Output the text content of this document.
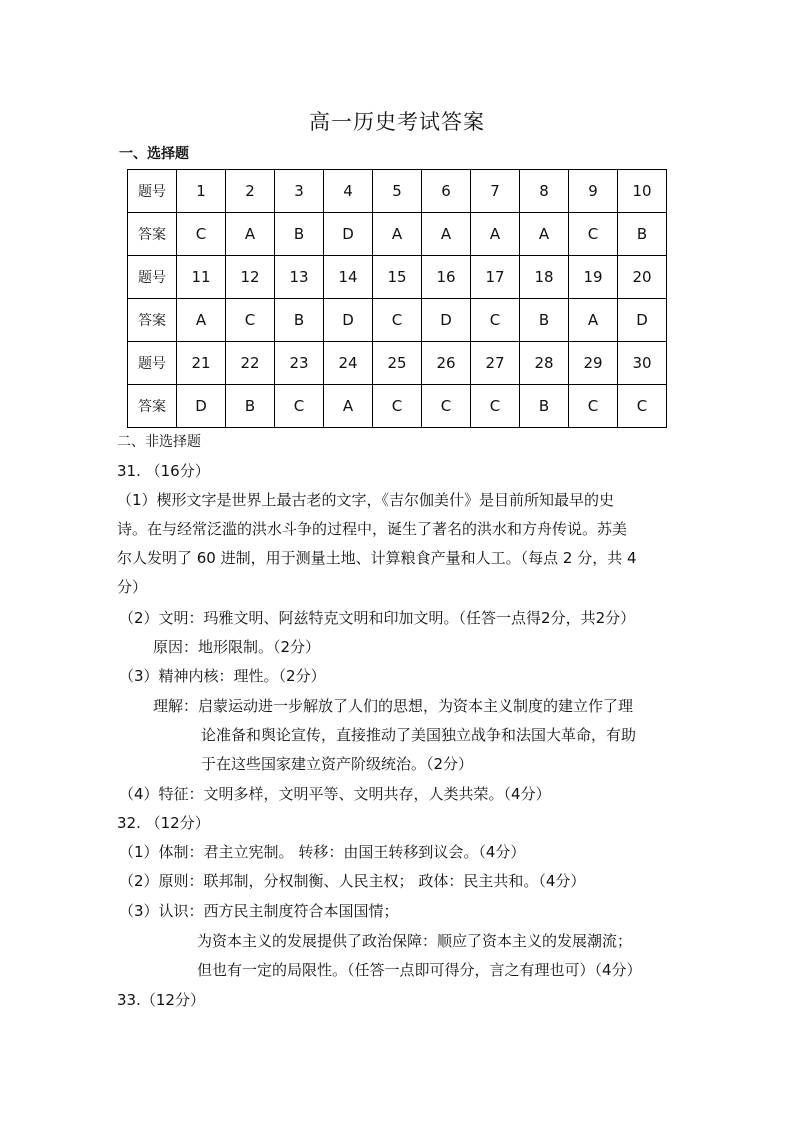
高一历史考试答案
一、选择题
题号	1	2	3	4	5	6	7	8	9	10
答案	C	A	B	D	A	A	A	A	C	B
题号	11	12	13	14	15	16	17	18	19	20
答案	A	C	B	D	C	D	C	B	A	D
题号	21	22	23	24	25	26	27	28	29	30
答案	D	B	C	A	C	C	C	B	C	C
二、非选择题
31. （16分）
（1）楔形文字是世界上最古老的文字，《吉尔伽美什》是目前所知最早的史
诗。在与经常泛滥的洪水斗争的过程中，诞生了著名的洪水和方舟传说。苏美
尔人发明了 60 进制，用于测量土地、计算粮食产量和人工。（每点 2 分，共 4
分）
（2）文明：玛雅文明、阿兹特克文明和印加文明。（任答一点得2分，共2分）
原因：地形限制。（2分）
（3）精神内核：理性。（2分）
理解：启蒙运动进一步解放了人们的思想，为资本主义制度的建立作了理
论准备和舆论宣传，直接推动了美国独立战争和法国大革命，有助
于在这些国家建立资产阶级统治。（2分）
（4）特征：文明多样，文明平等、文明共存，人类共荣。（4分）
32. （12分）
（1）体制：君主立宪制。 转移：由国王转移到议会。（4分）
（2）原则：联邦制，分权制衡、人民主权； 政体：民主共和。（4分）
（3）认识：西方民主制度符合本国国情；
为资本主义的发展提供了政治保障：顺应了资本主义的发展潮流；
但也有一定的局限性。（任答一点即可得分，言之有理也可）（4分）
33.（12分）
